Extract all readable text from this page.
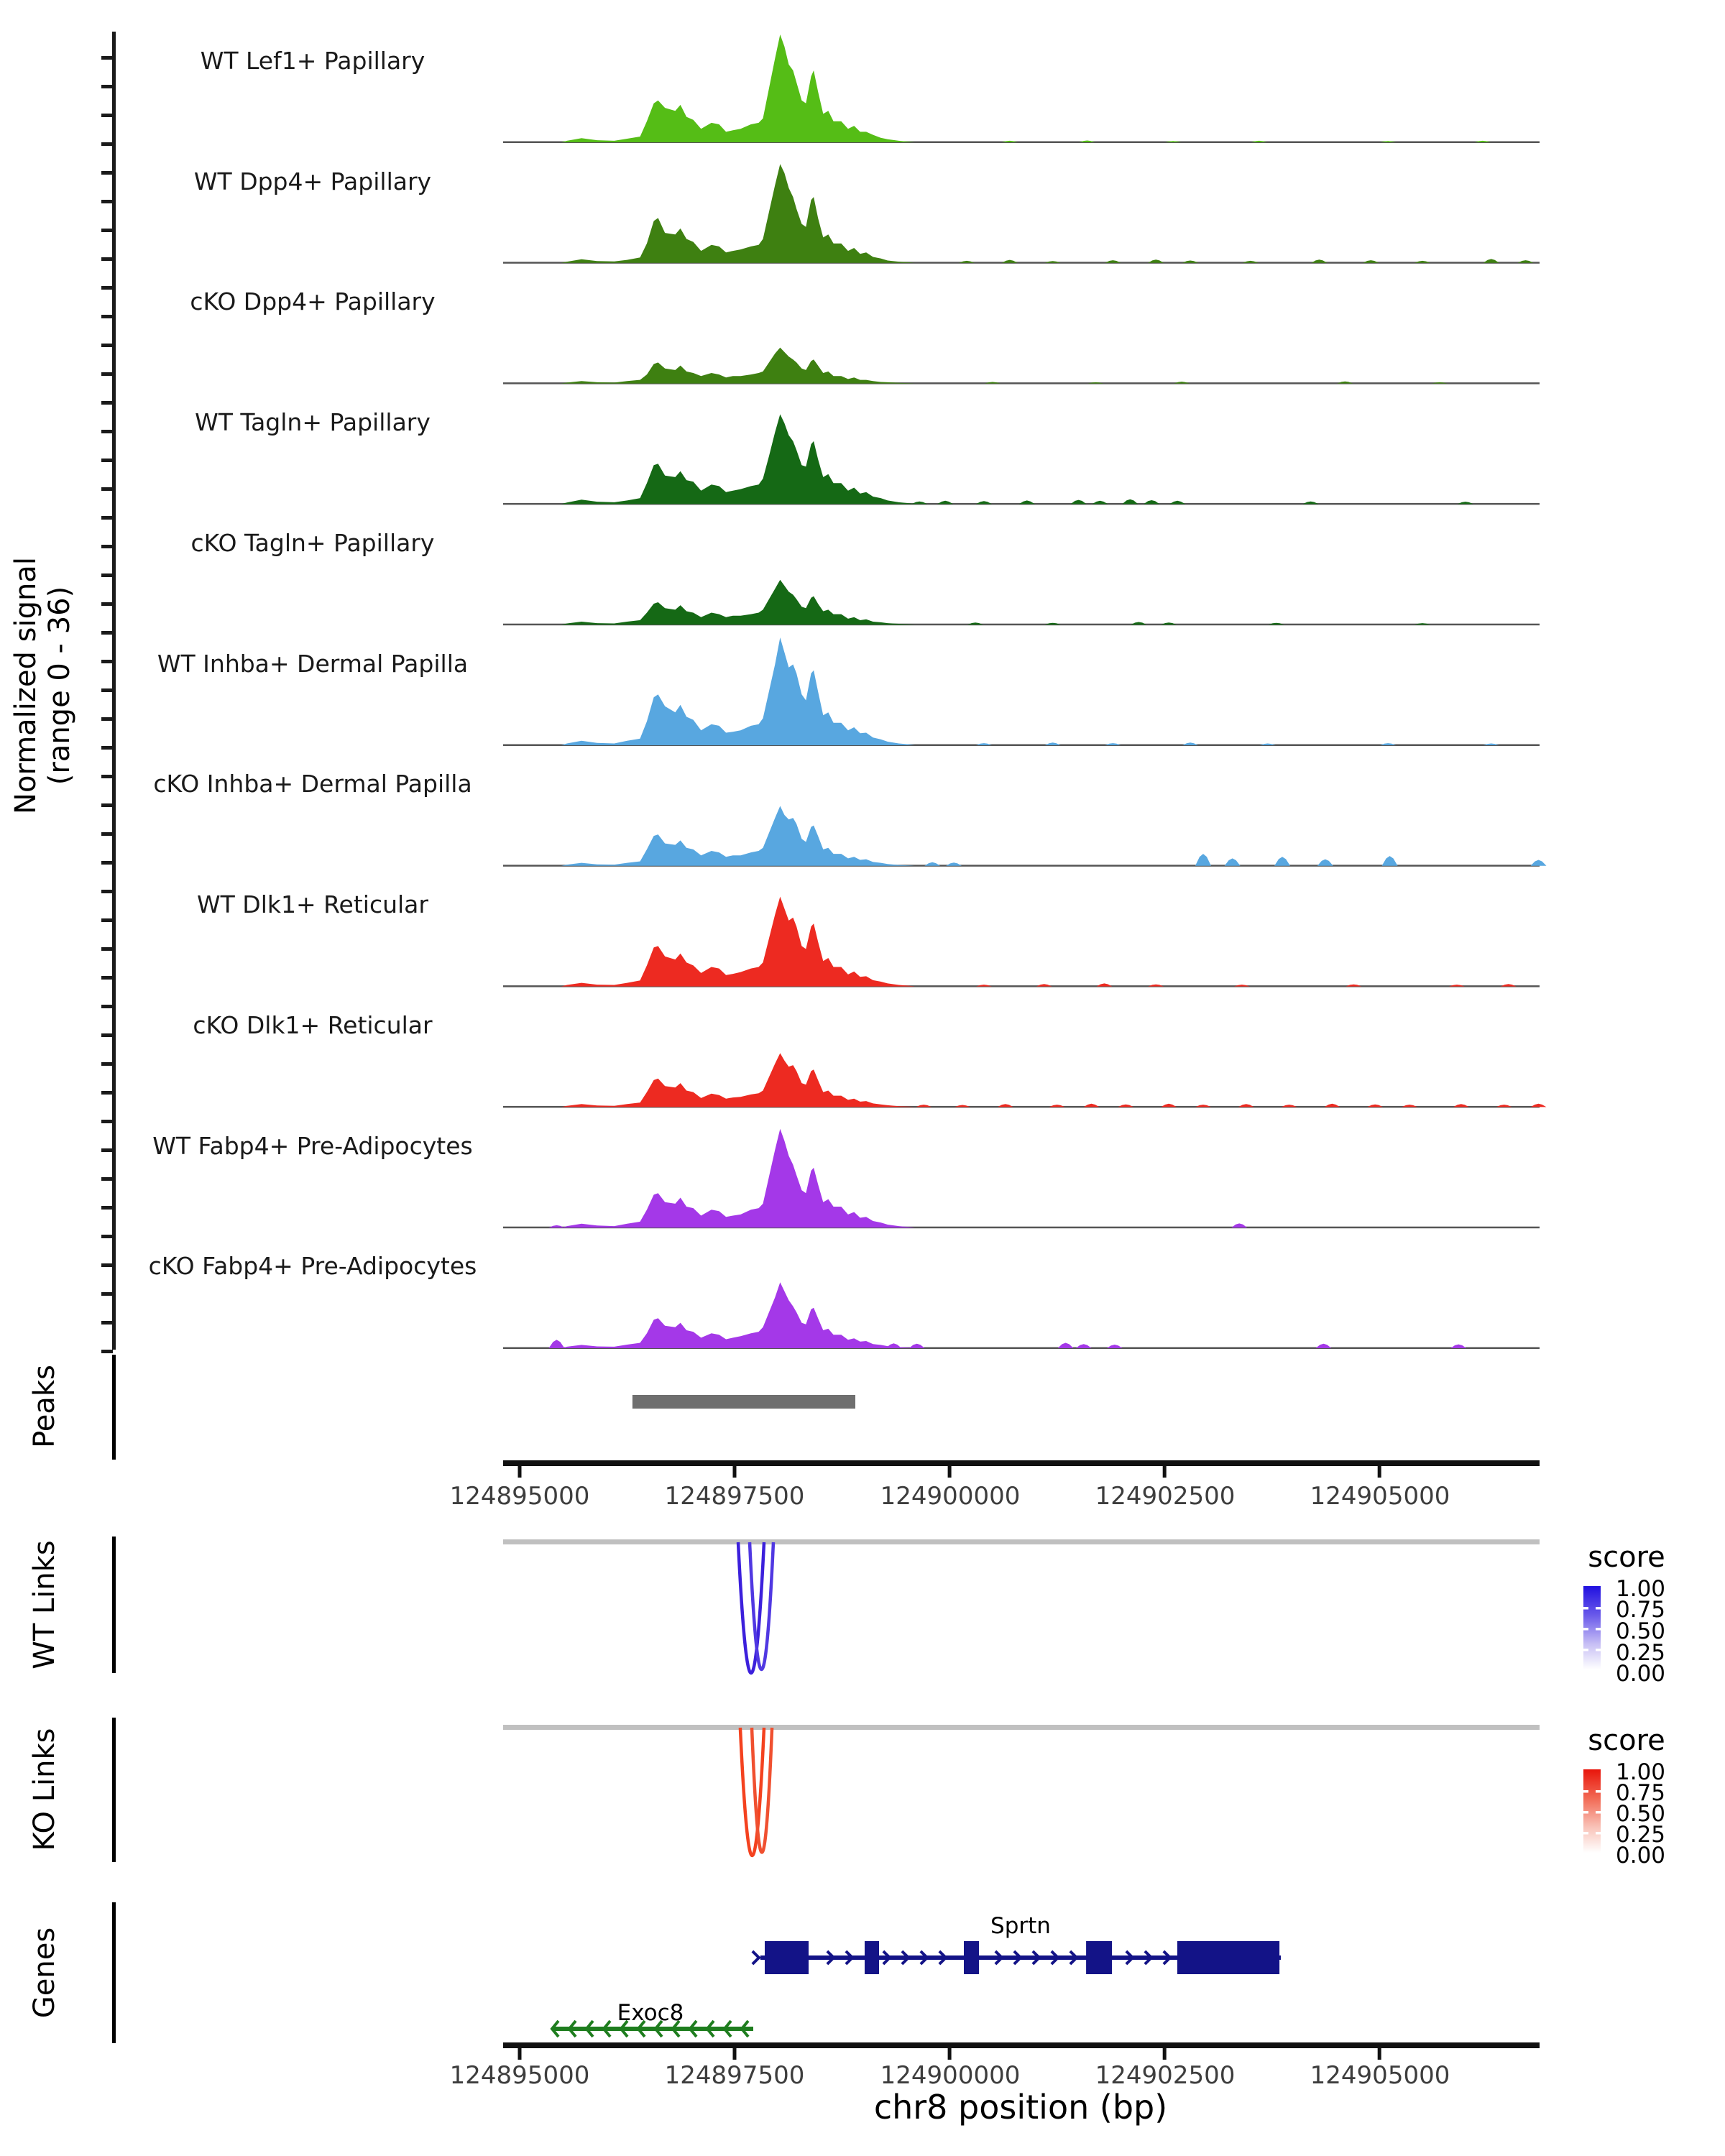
Normalized signal (range 0 - 36)
WT Lef1+ Papillary
WT Dpp4+ Papillary
cKO Dpp4+ Papillary
WT Tagln+ Papillary
cKO Tagln+ Papillary
WT Inhba+ Dermal Papilla
cKO Inhba+ Dermal Papilla
WT Dlk1+ Reticular
cKO Dlk1+ Reticular
WT Fabp4+ Pre-Adipocytes
cKO Fabp4+ Pre-Adipocytes
Peaks
WT Links
KO Links
Genes
124895000	124897500	124900000	124902500	124905000
score
1.00
0.75
0.50
0.25
0.00
score
1.00
0.75
0.50
0.25
0.00
Sprtn
Exoc8
124895000	124897500	124900000	124902500	124905000
chr8 position (bp)
